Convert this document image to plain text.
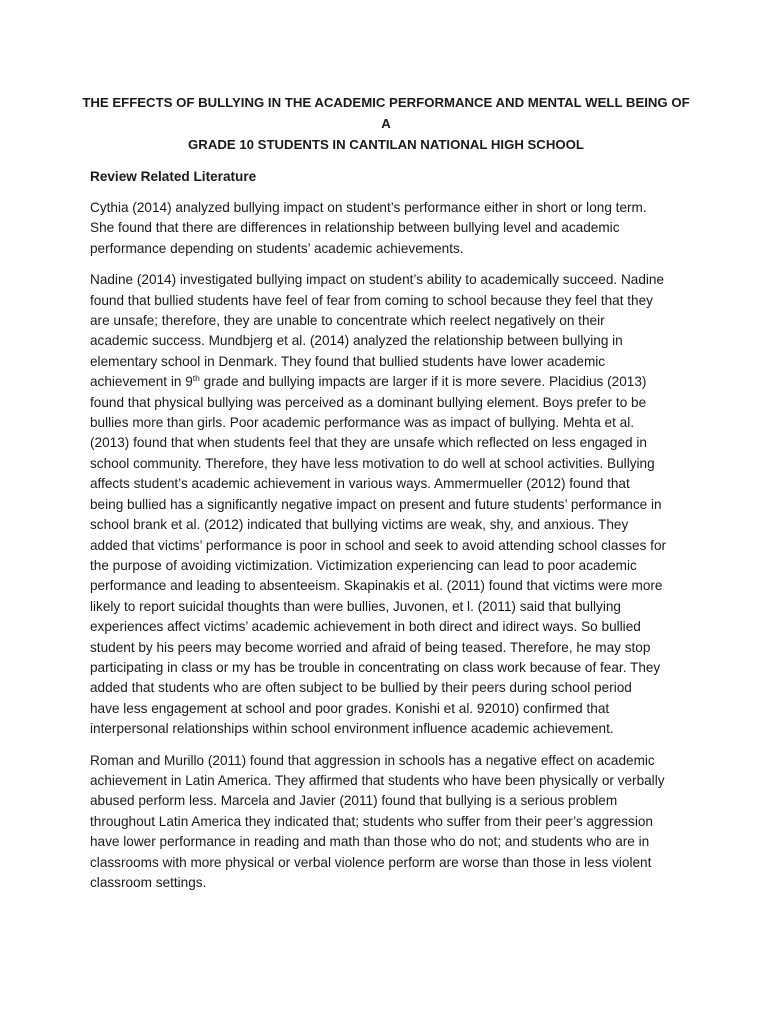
THE EFFECTS OF BULLYING IN THE ACADEMIC PERFORMANCE AND MENTAL WELL BEING OF A
GRADE 10 STUDENTS IN CANTILAN NATIONAL HIGH SCHOOL
Review Related Literature
Cythia (2014) analyzed bullying impact on student’s performance either in short or long term.
She found that there are differences in relationship between bullying level and academic
performance depending on students’ academic achievements.
Nadine (2014) investigated bullying impact on student’s ability to academically succeed. Nadine
found that bullied students have feel of fear from coming to school because they feel that they
are unsafe; therefore, they are unable to concentrate which reelect negatively on their
academic success. Mundbjerg et al. (2014) analyzed the relationship between bullying in
elementary school in Denmark. They found that bullied students have lower academic
achievement in 9th grade and bullying impacts are larger if it is more severe. Placidius (2013)
found that physical bullying was perceived as a dominant bullying element. Boys prefer to be
bullies more than girls. Poor academic performance was as impact of bullying. Mehta et al.
(2013) found that when students feel that they are unsafe which reflected on less engaged in
school community. Therefore, they have less motivation to do well at school activities. Bullying
affects student’s academic achievement in various ways. Ammermueller (2012) found that
being bullied has a significantly negative impact on present and future students’ performance in
school brank et al. (2012) indicated that bullying victims are weak, shy, and anxious. They
added that victims’ performance is poor in school and seek to avoid attending school classes for
the purpose of avoiding victimization. Victimization experiencing can lead to poor academic
performance and leading to absenteeism. Skapinakis et al. (2011) found that victims were more
likely to report suicidal thoughts than were bullies, Juvonen, et l. (2011) said that bullying
experiences affect victims’ academic achievement in both direct and idirect ways. So bullied
student by his peers may become worried and afraid of being teased. Therefore, he may stop
participating in class or my has be trouble in concentrating on class work because of fear. They
added that students who are often subject to be bullied by their peers during school period
have less engagement at school and poor grades. Konishi et al. 92010) confirmed that
interpersonal relationships within school environment influence academic achievement.
Roman and Murillo (2011) found that aggression in schools has a negative effect on academic
achievement in Latin America. They affirmed that students who have been physically or verbally
abused perform less. Marcela and Javier (2011) found that bullying is a serious problem
throughout Latin America they indicated that; students who suffer from their peer’s aggression
have lower performance in reading and math than those who do not; and students who are in
classrooms with more physical or verbal violence perform are worse than those in less violent
classroom settings.
